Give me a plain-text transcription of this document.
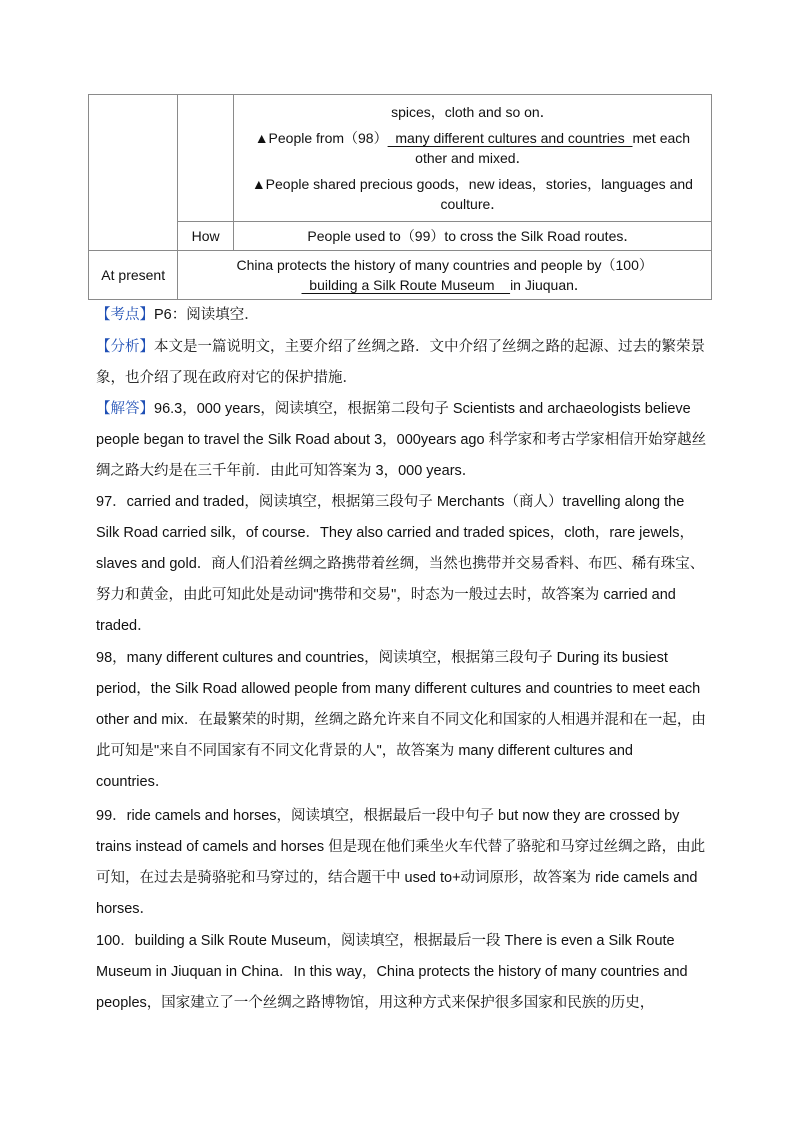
		spices，cloth and so on．
▲People from（98）  many different cultures and countries  met each other and mixed．
▲People shared precious goods，new ideas，stories，languages and coulture．

	How	People used to（99）to cross the Silk Road routes．
At present	China protects the history of many countries and people by（100）  building a Silk Route Museum    in Jiuquan．	

【考点】P6：阅读填空．

【分析】本文是一篇说明文，主要介绍了丝绸之路．文中介绍了丝绸之路的起源、过去的繁荣景象，也介绍了现在政府对它的保护措施．

【解答】96.3，000 years，阅读填空，根据第二段句子 Scientists and archaeologists believe people began to travel the Silk Road about 3，000years ago 科学家和考古学家相信开始穿越丝绸之路大约是在三千年前．由此可知答案为 3，000 years．

97．carried and traded，阅读填空，根据第三段句子 Merchants（商人）travelling along the Silk Road carried silk，of course．They also carried and traded spices，cloth，rare jewels，slaves and gold．商人们沿着丝绸之路携带着丝绸，当然也携带并交易香料、布匹、稀有珠宝、努力和黄金，由此可知此处是动词"携带和交易"，时态为一般过去时，故答案为 carried and traded．

98，many different cultures and countries，阅读填空，根据第三段句子 During its busiest period，the Silk Road allowed people from many different cultures and countries to meet each other and mix．在最繁荣的时期，丝绸之路允许来自不同文化和国家的人相遇并混和在一起，由此可知是"来自不同国家有不同文化背景的人"，故答案为 many different cultures and countries．

99．ride camels and horses，阅读填空，根据最后一段中句子 but now they are crossed by trains instead of camels and horses 但是现在他们乘坐火车代替了骆驼和马穿过丝绸之路，由此可知，在过去是骑骆驼和马穿过的，结合题干中 used to+动词原形，故答案为 ride camels and horses．

100．building a Silk Route Museum，阅读填空，根据最后一段 There is even a Silk Route Museum in Jiuquan in China．In this way，China protects the history of many countries and peoples，国家建立了一个丝绸之路博物馆，用这种方式来保护很多国家和民族的历史，
